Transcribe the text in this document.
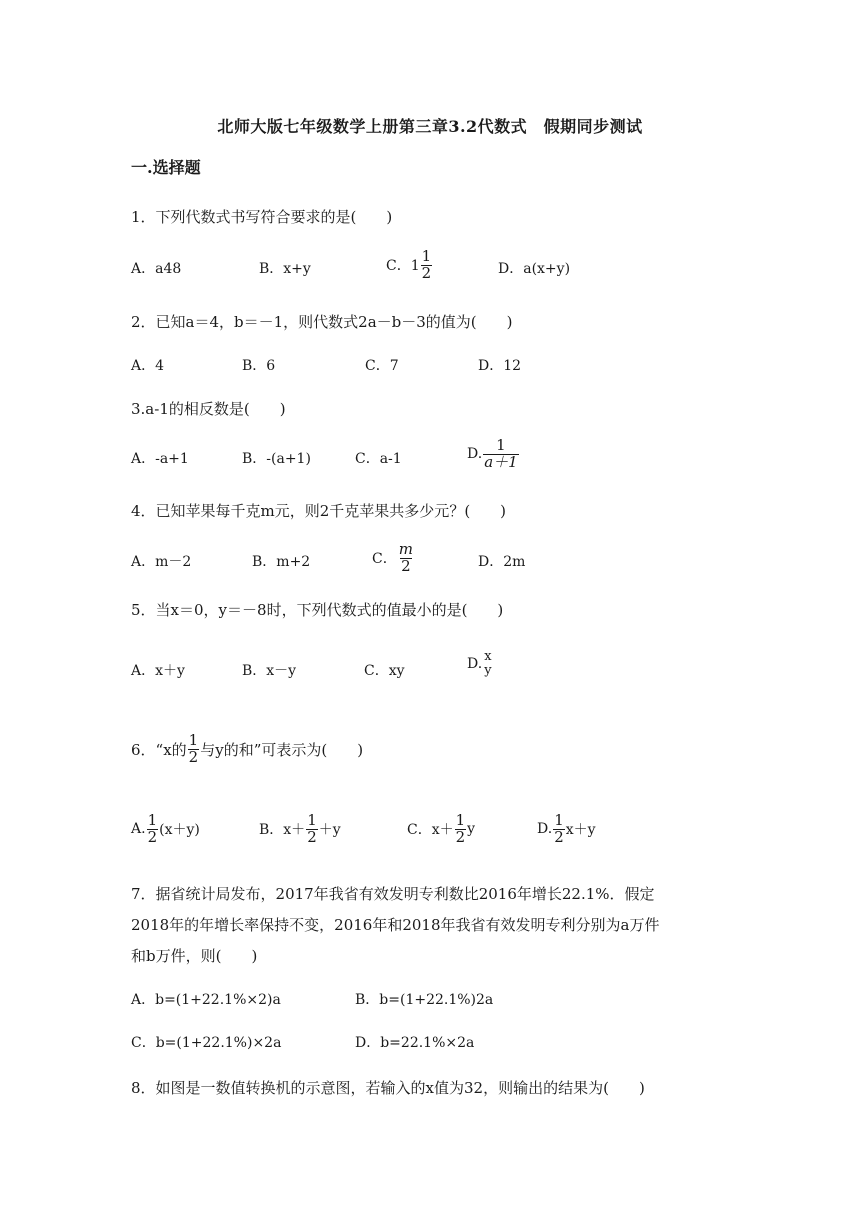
北师大版七年级数学上册第三章3.2代数式　假期同步测试
一.选择题
1．下列代数式书写符合要求的是(　　)
A．a48	B．x+y	C．$1 \frac{1}{2}$	D．a(x+y)
2．已知a＝4，b＝－1，则代数式2a－b－3的值为(　　)
A．4	B．6	C．7	D．12
3.a-1的相反数是(　　)
A．-a+1	B．-(a+1)	C．a-1	D. $\frac{1}{a+1}$
4．已知苹果每千克m元，则2千克苹果共多少元？(　　)
A．m－2	B．m+2	C． $\frac{m}{2}$	D．2m
5．当x＝0，y＝－8时，下列代数式的值最小的是(　　)
A．x＋y	B．x－y	C．xy	D. x
y
6．“x的 $\frac{1}{2}$ 与y的和”可表示为(　　)
A. $\frac{1}{2} (x+y)$	B．$x+ \frac{1}{2} +y$	C．$x+ \frac{1}{2}$ y	D. $\frac{1}{2} x+y$
7．据省统计局发布，2017年我省有效发明专利数比2016年增长22.1%．假定
2018年的年增长率保持不变，2016年和2018年我省有效发明专利分别为a万件
和b万件，则(　　)
A．b=(1+22.1%×2)a	B．b=(1+22.1%)2a
C．b=(1+22.1%)×2a	D．b=22.1%×2a
8．如图是一数值转换机的示意图，若输入的x值为32，则输出的结果为(　　)
